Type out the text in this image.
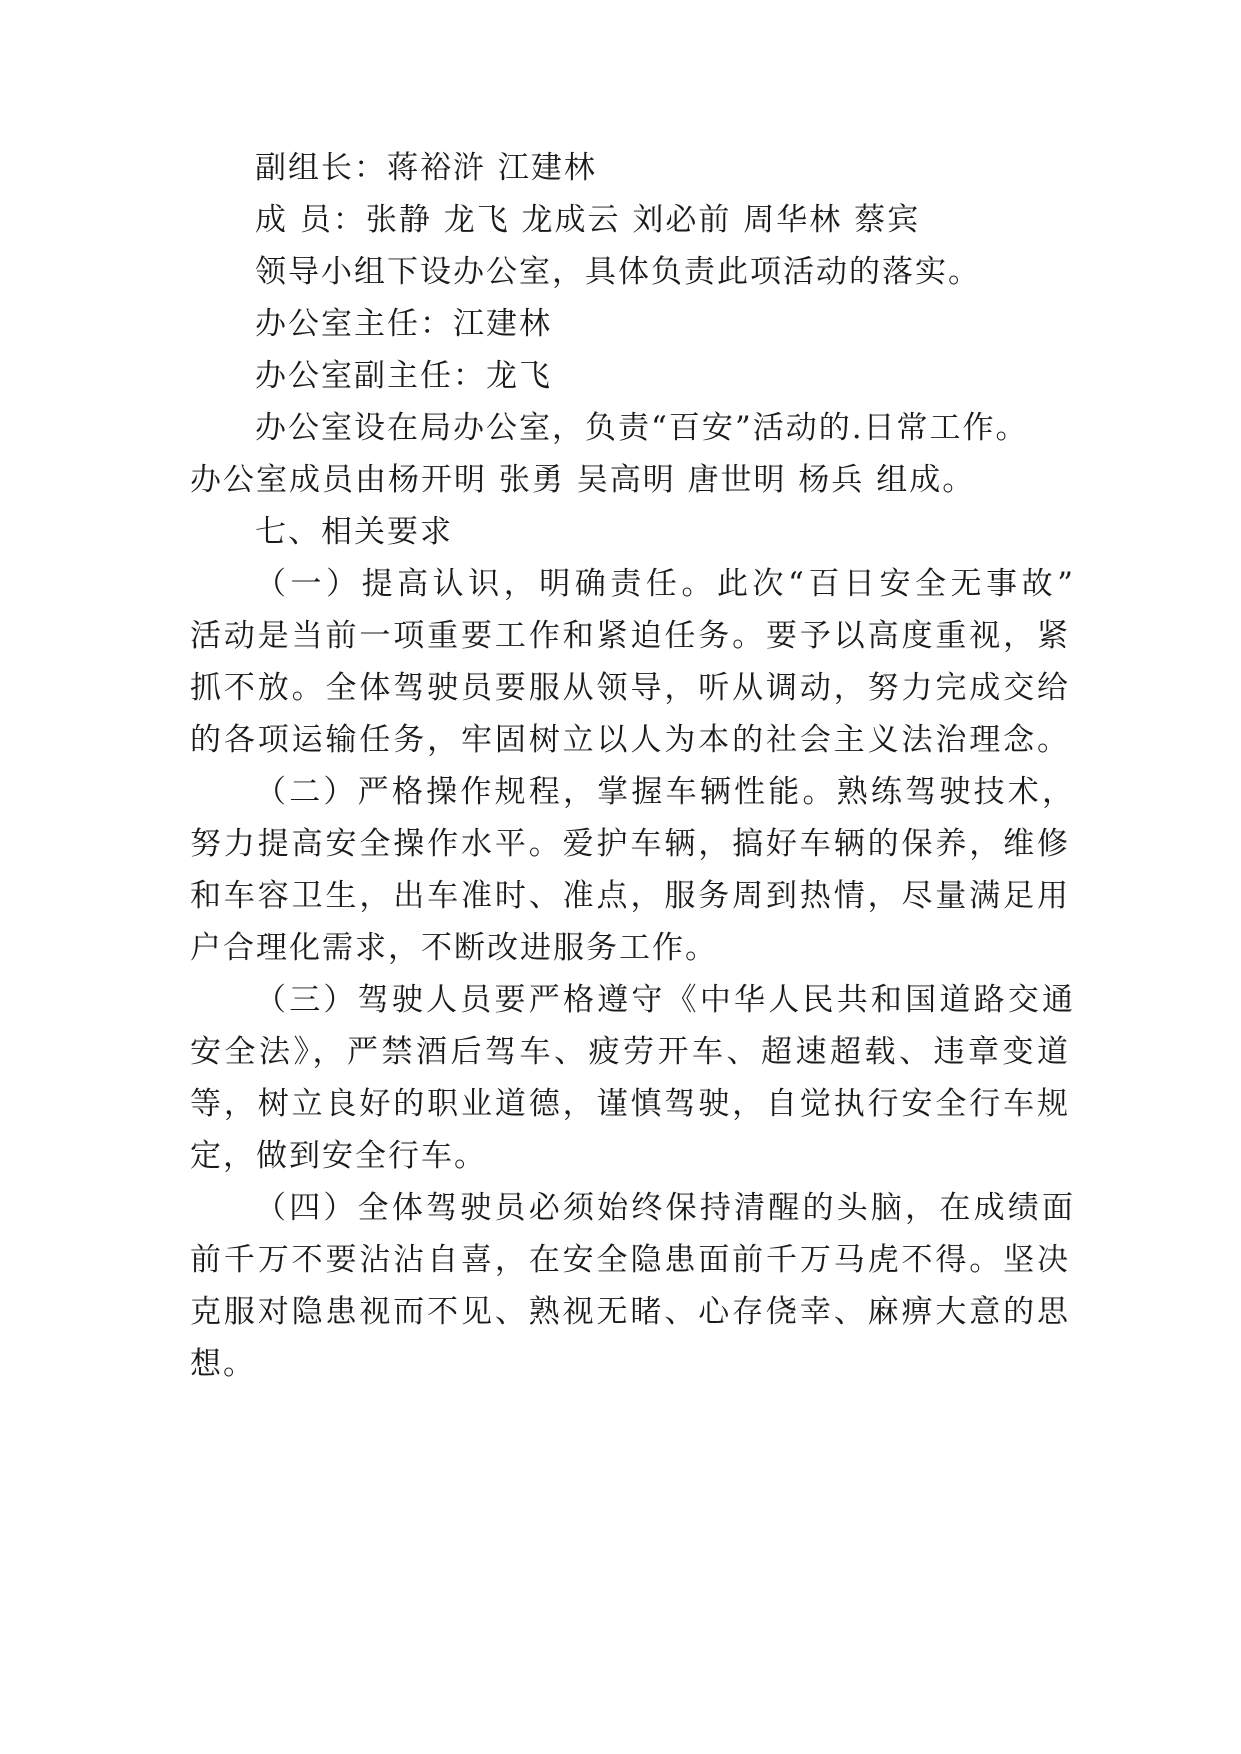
副组长：蒋裕浒 江建林
成 员：张静 龙飞 龙成云 刘必前 周华林 蔡宾
领导小组下设办公室，具体负责此项活动的落实。
办公室主任：江建林
办公室副主任：龙飞
办公室设在局办公室，负责“百安”活动的.日常工作。
办公室成员由杨开明 张勇 吴高明 唐世明 杨兵 组成。
七、相关要求
（一）提高认识，明确责任。此次“百日安全无事故”
活动是当前一项重要工作和紧迫任务。要予以高度重视，紧
抓不放。全体驾驶员要服从领导，听从调动，努力完成交给
的各项运输任务，牢固树立以人为本的社会主义法治理念。
（二）严格操作规程，掌握车辆性能。熟练驾驶技术，
努力提高安全操作水平。爱护车辆，搞好车辆的保养，维修
和车容卫生，出车准时、准点，服务周到热情，尽量满足用
户合理化需求，不断改进服务工作。
（三）驾驶人员要严格遵守《中华人民共和国道路交通
安全法》，严禁酒后驾车、疲劳开车、超速超载、违章变道
等，树立良好的职业道德，谨慎驾驶，自觉执行安全行车规
定，做到安全行车。
（四）全体驾驶员必须始终保持清醒的头脑，在成绩面
前千万不要沾沾自喜，在安全隐患面前千万马虎不得。坚决
克服对隐患视而不见、熟视无睹、心存侥幸、麻痹大意的思
想。
